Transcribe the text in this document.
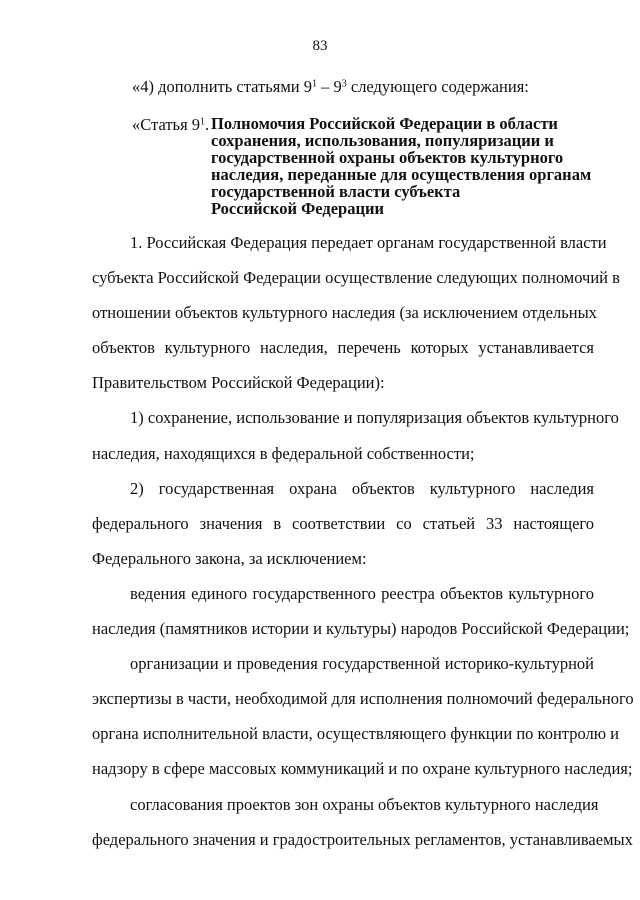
83
«4) дополнить статьями $9^1 - 9^3$ следующего содержания:
«Статья $9^1$. Полномочия Российской Федерации в области
сохранения, использования, популяризации и
государственной охраны объектов культурного
наследия, переданные для осуществления органам
государственной власти субъекта
Российской Федерации
1. Российская Федерация передает органам государственной власти
субъекта Российской Федерации осуществление следующих полномочий в
отношении объектов культурного наследия (за исключением отдельных
объектов культурного наследия, перечень которых устанавливается
Правительством Российской Федерации):
1) сохранение, использование и популяризация объектов культурного
наследия, находящихся в федеральной собственности;
2) государственная охрана объектов культурного наследия
федерального значения в соответствии со статьей 33 настоящего
Федерального закона, за исключением:
ведения единого государственного реестра объектов культурного
наследия (памятников истории и культуры) народов Российской Федерации;
организации и проведения государственной историко-культурной
экспертизы в части, необходимой для исполнения полномочий федерального
органа исполнительной власти, осуществляющего функции по контролю и
надзору в сфере массовых коммуникаций и по охране культурного наследия;
согласования проектов зон охраны объектов культурного наследия
федерального значения и градостроительных регламентов, устанавливаемых
